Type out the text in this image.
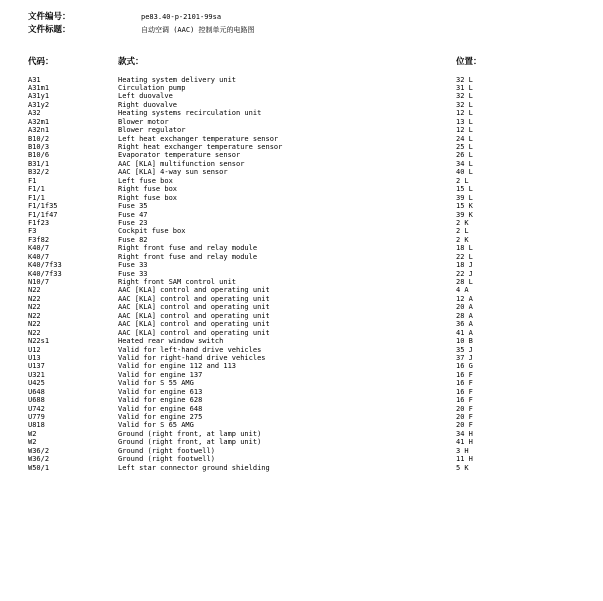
文件编号：	pe83.40-p-2101-99sa
文件标题：	自动空调 (AAC) 控制单元的电路图
代码：	款式：	位置：
A31	Heating system delivery unit	32 L
A31m1	Circulation pump	31 L
A31y1	Left duovalve	32 L
A31y2	Right duovalve	32 L
A32	Heating systems recirculation unit	12 L
A32m1	Blower motor	13 L
A32n1	Blower regulator	12 L
B10/2	Left heat exchanger temperature sensor	24 L
B10/3	Right heat exchanger temperature sensor	25 L
B10/6	Evaporator temperature sensor	26 L
B31/1	AAC [KLA] multifunction sensor	34 L
B32/2	AAC [KLA] 4-way sun sensor	40 L
F1	Left fuse box	2 L
F1/1	Right fuse box	15 L
F1/1	Right fuse box	39 L
F1/1f35	Fuse 35	15 K
F1/1f47	Fuse 47	39 K
F1f23	Fuse 23	2 K
F3	Cockpit fuse box	2 L
F3f82	Fuse 82	2 K
K40/7	Right front fuse and relay module	18 L
K40/7	Right front fuse and relay module	22 L
K40/7f33	Fuse 33	18 J
K40/7f33	Fuse 33	22 J
N10/7	Right front SAM control unit	28 L
N22	AAC [KLA] control and operating unit	4 A
N22	AAC [KLA] control and operating unit	12 A
N22	AAC [KLA] control and operating unit	20 A
N22	AAC [KLA] control and operating unit	28 A
N22	AAC [KLA] control and operating unit	36 A
N22	AAC [KLA] control and operating unit	41 A
N22s1	Heated rear window switch	10 B
U12	Valid for left-hand drive vehicles	35 J
U13	Valid for right-hand drive vehicles	37 J
U137	Valid for engine 112 and 113	16 G
U321	Valid for engine 137	16 F
U425	Valid for S 55 AMG	16 F
U648	Valid for engine 613	16 F
U688	Valid for engine 628	16 F
U742	Valid for engine 648	20 F
U779	Valid for engine 275	20 F
U818	Valid for S 65 AMG	20 F
W2	Ground (right front, at lamp unit)	34 H
W2	Ground (right front, at lamp unit)	41 H
W36/2	Ground (right footwell)	3 H
W36/2	Ground (right footwell)	11 H
W50/1	Left star connector ground shielding	5 K
